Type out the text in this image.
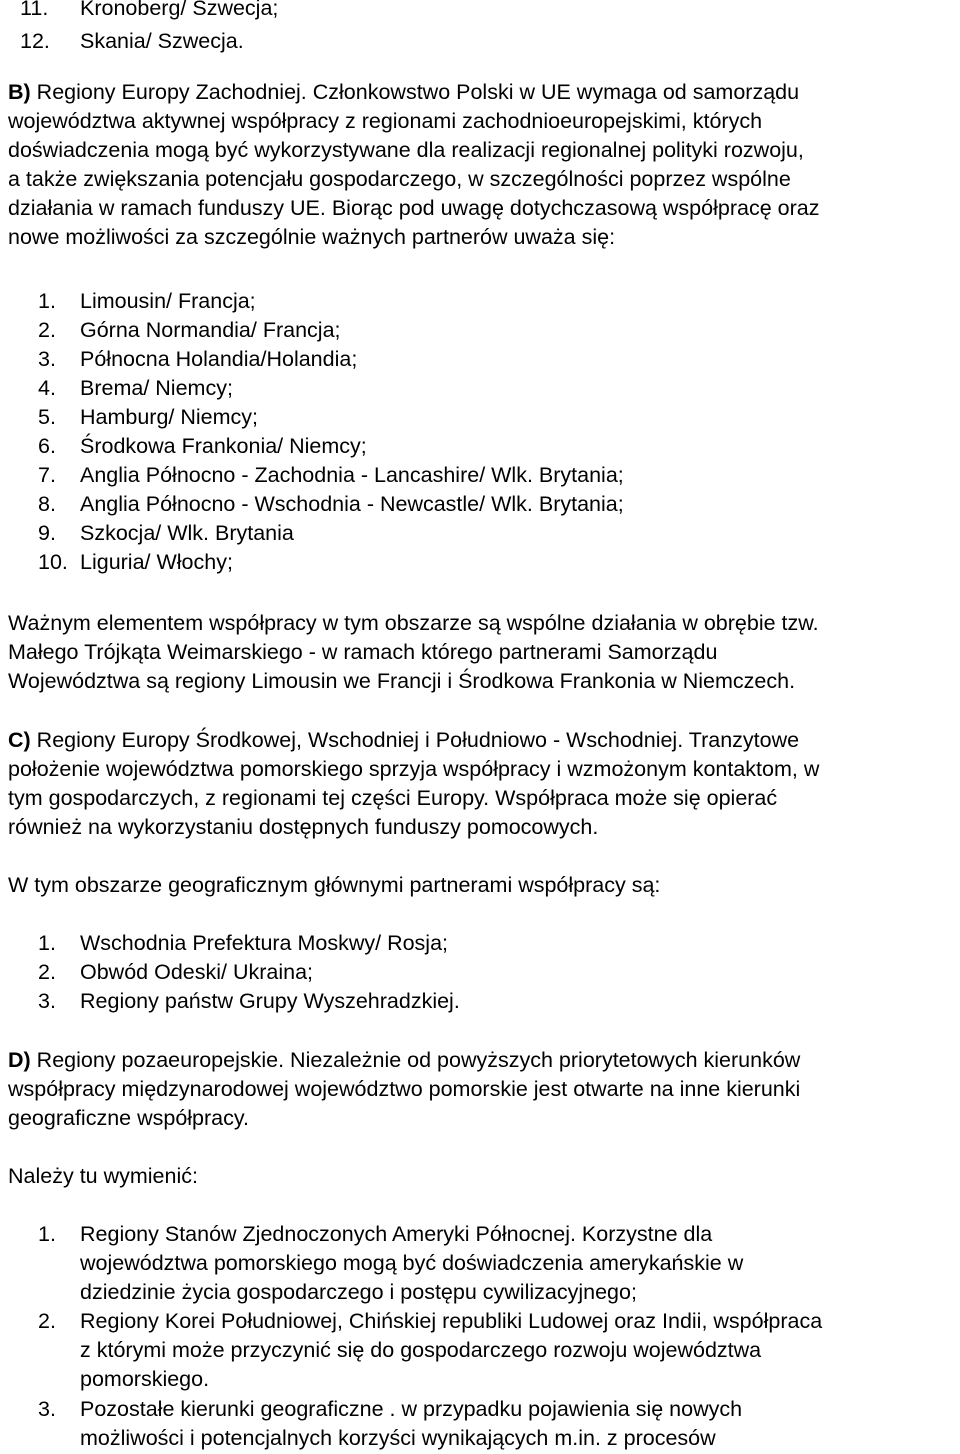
11. Kronoberg/ Szwecja;
12. Skania/ Szwecja.
B) Regiony Europy Zachodniej. Członkowstwo Polski w UE wymaga od samorządu
województwa aktywnej współpracy z regionami zachodnioeuropejskimi, których
doświadczenia mogą być wykorzystywane dla realizacji regionalnej polityki rozwoju,
a także zwiększania potencjału gospodarczego, w szczególności poprzez wspólne
działania w ramach funduszy UE. Biorąc pod uwagę dotychczasową współpracę oraz
nowe możliwości za szczególnie ważnych partnerów uważa się:
1. Limousin/ Francja;
2. Górna Normandia/ Francja;
3. Północna Holandia/Holandia;
4. Brema/ Niemcy;
5. Hamburg/ Niemcy;
6. Środkowa Frankonia/ Niemcy;
7. Anglia Północno - Zachodnia - Lancashire/ Wlk. Brytania;
8. Anglia Północno - Wschodnia - Newcastle/ Wlk. Brytania;
9. Szkocja/ Wlk. Brytania
10. Liguria/ Włochy;
Ważnym elementem współpracy w tym obszarze są wspólne działania w obrębie tzw.
Małego Trójkąta Weimarskiego - w ramach którego partnerami Samorządu
Województwa są regiony Limousin we Francji i Środkowa Frankonia w Niemczech.
C) Regiony Europy Środkowej, Wschodniej i Południowo - Wschodniej. Tranzytowe
położenie województwa pomorskiego sprzyja współpracy i wzmożonym kontaktom, w
tym gospodarczych, z regionami tej części Europy. Współpraca może się opierać
również na wykorzystaniu dostępnych funduszy pomocowych.
W tym obszarze geograficznym głównymi partnerami współpracy są:
1. Wschodnia Prefektura Moskwy/ Rosja;
2. Obwód Odeski/ Ukraina;
3. Regiony państw Grupy Wyszehradzkiej.
D) Regiony pozaeuropejskie. Niezależnie od powyższych priorytetowych kierunków
współpracy międzynarodowej województwo pomorskie jest otwarte na inne kierunki
geograficzne współpracy.
Należy tu wymienić:
1. Regiony Stanów Zjednoczonych Ameryki Północnej. Korzystne dla
województwa pomorskiego mogą być doświadczenia amerykańskie w
dziedzinie życia gospodarczego i postępu cywilizacyjnego;
2. Regiony Korei Południowej, Chińskiej republiki Ludowej oraz Indii, współpraca
z którymi może przyczynić się do gospodarczego rozwoju województwa
pomorskiego.
3. Pozostałe kierunki geograficzne . w przypadku pojawienia się nowych
możliwości i potencjalnych korzyści wynikających m.in. z procesów
